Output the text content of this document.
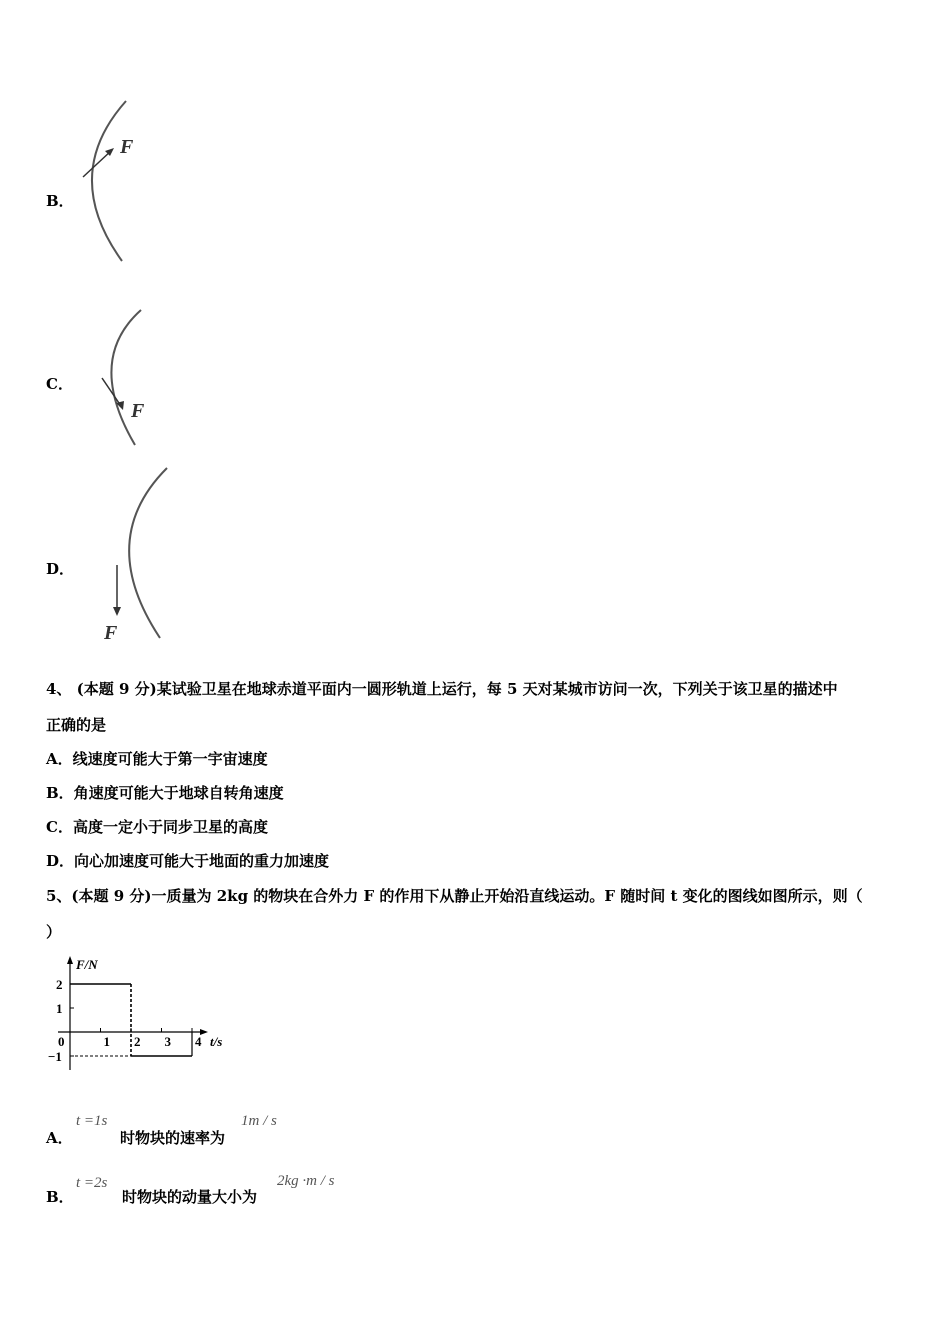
B．
F
C．
F
D．
F
4、 (本题 9 分)某试验卫星在地球赤道平面内一圆形轨道上运行，每 5 天对某城市访问一次，下列关于该卫星的描述中
正确的是
A．线速度可能大于第一宇宙速度
B．角速度可能大于地球自转角速度
C．高度一定小于同步卫星的高度
D．向心加速度可能大于地面的重力加速度
5、(本题 9 分)一质量为 2kg 的物块在合外力 F 的作用下从静止开始沿直线运动。F 随时间 t 变化的图线如图所示，则（
）
F/N
t/s
0	1 2 3 4
2
1
−1
A．
t =1s
时物块的速率为
1m / s
B．
t =2s
时物块的动量大小为
2kg ·m / s
